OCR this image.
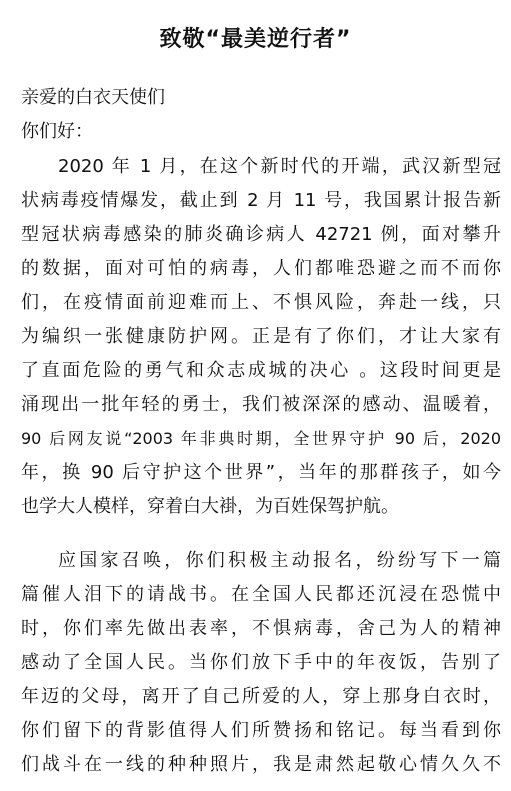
致敬“最美逆行者”
亲爱的白衣天使们
你们好：
2020 年 1 月，在这个新时代的开端，武汉新型冠
状病毒疫情爆发，截止到 2 月 11 号，我国累计报告新
型冠状病毒感染的肺炎确诊病人 42721 例，面对攀升
的数据，面对可怕的病毒，人们都唯恐避之而不而你
们，在疫情面前迎难而上、不惧风险，奔赴一线，只
为编织一张健康防护网。正是有了你们，才让大家有
了直面危险的勇气和众志成城的决心 。这段时间更是
涌现出一批年轻的勇士，我们被深深的感动、温暖着，
90 后网友说“2003 年非典时期，全世界守护 90 后，2020
年，换 90 后守护这个世界”，当年的那群孩子，如今
也学大人模样，穿着白大褂，为百姓保驾护航。
应国家召唤，你们积极主动报名，纷纷写下一篇
篇催人泪下的请战书。在全国人民都还沉浸在恐慌中
时，你们率先做出表率，不惧病毒，舍己为人的精神
感动了全国人民。当你们放下手中的年夜饭，告别了
年迈的父母，离开了自己所爱的人，穿上那身白衣时，
你们留下的背影值得人们所赞扬和铭记。每当看到你
们战斗在一线的种种照片，我是肃然起敬心情久久不
